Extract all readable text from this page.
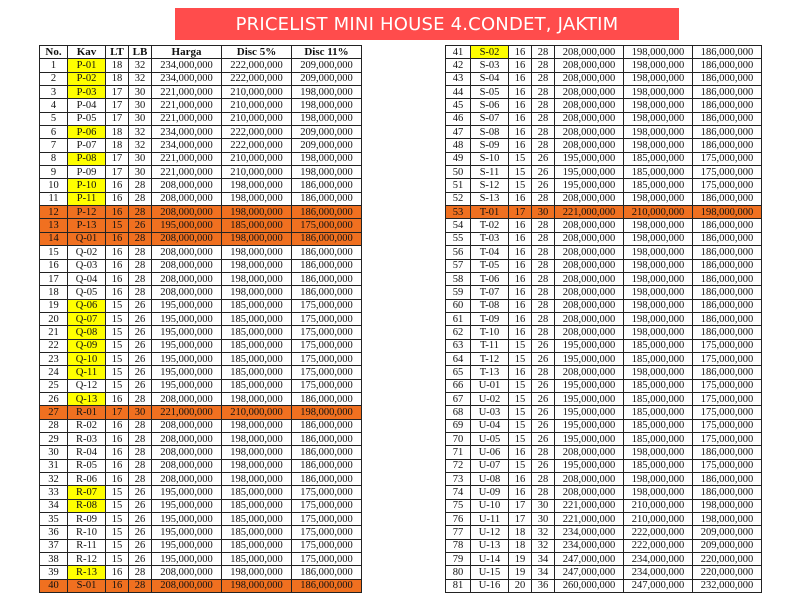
PRICELIST MINI HOUSE 4.CONDET, JAKTIM
No.	Kav	LT	LB	Harga	Disc 5%	Disc 11%
1	P-01	18	32	234,000,000	222,000,000	209,000,000
2	P-02	18	32	234,000,000	222,000,000	209,000,000
3	P-03	17	30	221,000,000	210,000,000	198,000,000
4	P-04	17	30	221,000,000	210,000,000	198,000,000
5	P-05	17	30	221,000,000	210,000,000	198,000,000
6	P-06	18	32	234,000,000	222,000,000	209,000,000
7	P-07	18	32	234,000,000	222,000,000	209,000,000
8	P-08	17	30	221,000,000	210,000,000	198,000,000
9	P-09	17	30	221,000,000	210,000,000	198,000,000
10	P-10	16	28	208,000,000	198,000,000	186,000,000
11	P-11	16	28	208,000,000	198,000,000	186,000,000
12	P-12	16	28	208,000,000	198,000,000	186,000,000
13	P-13	15	26	195,000,000	185,000,000	175,000,000
14	Q-01	16	28	208,000,000	198,000,000	186,000,000
15	Q-02	16	28	208,000,000	198,000,000	186,000,000
16	Q-03	16	28	208,000,000	198,000,000	186,000,000
17	Q-04	16	28	208,000,000	198,000,000	186,000,000
18	Q-05	16	28	208,000,000	198,000,000	186,000,000
19	Q-06	15	26	195,000,000	185,000,000	175,000,000
20	Q-07	15	26	195,000,000	185,000,000	175,000,000
21	Q-08	15	26	195,000,000	185,000,000	175,000,000
22	Q-09	15	26	195,000,000	185,000,000	175,000,000
23	Q-10	15	26	195,000,000	185,000,000	175,000,000
24	Q-11	15	26	195,000,000	185,000,000	175,000,000
25	Q-12	15	26	195,000,000	185,000,000	175,000,000
26	Q-13	16	28	208,000,000	198,000,000	186,000,000
27	R-01	17	30	221,000,000	210,000,000	198,000,000
28	R-02	16	28	208,000,000	198,000,000	186,000,000
29	R-03	16	28	208,000,000	198,000,000	186,000,000
30	R-04	16	28	208,000,000	198,000,000	186,000,000
31	R-05	16	28	208,000,000	198,000,000	186,000,000
32	R-06	16	28	208,000,000	198,000,000	186,000,000
33	R-07	15	26	195,000,000	185,000,000	175,000,000
34	R-08	15	26	195,000,000	185,000,000	175,000,000
35	R-09	15	26	195,000,000	185,000,000	175,000,000
36	R-10	15	26	195,000,000	185,000,000	175,000,000
37	R-11	15	26	195,000,000	185,000,000	175,000,000
38	R-12	15	26	195,000,000	185,000,000	175,000,000
39	R-13	16	28	208,000,000	198,000,000	186,000,000
40	S-01	16	28	208,000,000	198,000,000	186,000,000
41	S-02	16	28	208,000,000	198,000,000	186,000,000
42	S-03	16	28	208,000,000	198,000,000	186,000,000
43	S-04	16	28	208,000,000	198,000,000	186,000,000
44	S-05	16	28	208,000,000	198,000,000	186,000,000
45	S-06	16	28	208,000,000	198,000,000	186,000,000
46	S-07	16	28	208,000,000	198,000,000	186,000,000
47	S-08	16	28	208,000,000	198,000,000	186,000,000
48	S-09	16	28	208,000,000	198,000,000	186,000,000
49	S-10	15	26	195,000,000	185,000,000	175,000,000
50	S-11	15	26	195,000,000	185,000,000	175,000,000
51	S-12	15	26	195,000,000	185,000,000	175,000,000
52	S-13	16	28	208,000,000	198,000,000	186,000,000
53	T-01	17	30	221,000,000	210,000,000	198,000,000
54	T-02	16	28	208,000,000	198,000,000	186,000,000
55	T-03	16	28	208,000,000	198,000,000	186,000,000
56	T-04	16	28	208,000,000	198,000,000	186,000,000
57	T-05	16	28	208,000,000	198,000,000	186,000,000
58	T-06	16	28	208,000,000	198,000,000	186,000,000
59	T-07	16	28	208,000,000	198,000,000	186,000,000
60	T-08	16	28	208,000,000	198,000,000	186,000,000
61	T-09	16	28	208,000,000	198,000,000	186,000,000
62	T-10	16	28	208,000,000	198,000,000	186,000,000
63	T-11	15	26	195,000,000	185,000,000	175,000,000
64	T-12	15	26	195,000,000	185,000,000	175,000,000
65	T-13	16	28	208,000,000	198,000,000	186,000,000
66	U-01	15	26	195,000,000	185,000,000	175,000,000
67	U-02	15	26	195,000,000	185,000,000	175,000,000
68	U-03	15	26	195,000,000	185,000,000	175,000,000
69	U-04	15	26	195,000,000	185,000,000	175,000,000
70	U-05	15	26	195,000,000	185,000,000	175,000,000
71	U-06	16	28	208,000,000	198,000,000	186,000,000
72	U-07	15	26	195,000,000	185,000,000	175,000,000
73	U-08	16	28	208,000,000	198,000,000	186,000,000
74	U-09	16	28	208,000,000	198,000,000	186,000,000
75	U-10	17	30	221,000,000	210,000,000	198,000,000
76	U-11	17	30	221,000,000	210,000,000	198,000,000
77	U-12	18	32	234,000,000	222,000,000	209,000,000
78	U-13	18	32	234,000,000	222,000,000	209,000,000
79	U-14	19	34	247,000,000	234,000,000	220,000,000
80	U-15	19	34	247,000,000	234,000,000	220,000,000
81	U-16	20	36	260,000,000	247,000,000	232,000,000
